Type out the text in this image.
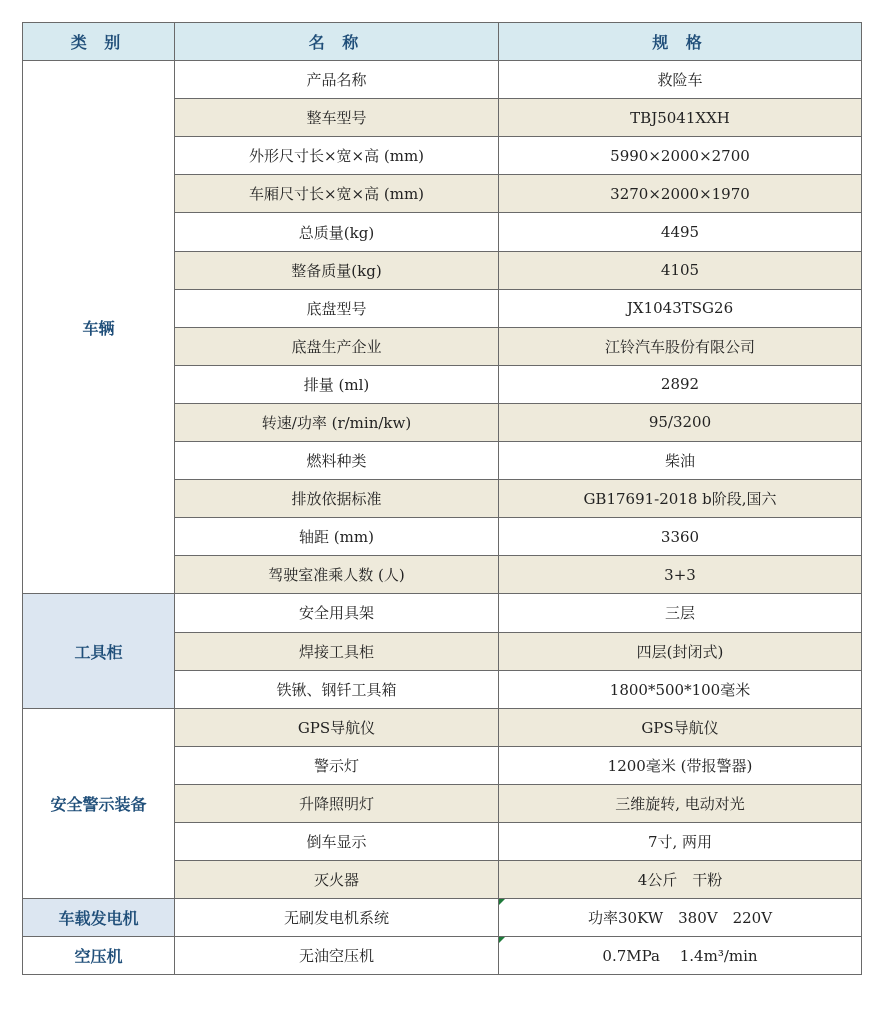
类 别	名 称	规 格
车辆	产品名称	救险车
	整车型号	TBJ5041XXH
	外形尺寸长×宽×高 (mm)	5990×2000×2700
	车厢尺寸长×宽×高 (mm)	3270×2000×1970
	总质量(kg)	4495
	整备质量(kg)	4105
	底盘型号	JX1043TSG26
	底盘生产企业	江铃汽车股份有限公司
	排量 (ml)	2892
	转速/功率 (r/min/kw)	95/3200
	燃料种类	柴油
	排放依据标准	GB17691-2018 b阶段,国六
	轴距 (mm)	3360
	驾驶室准乘人数 (人)	3+3
工具柜	安全用具架	三层
	焊接工具柜	四层(封闭式)
	铁锹、钢钎工具箱	1800*500*100毫米
安全警示装备	GPS导航仪	GPS导航仪
	警示灯	1200毫米 (带报警器)
	升降照明灯	三维旋转, 电动对光
	倒车显示	7寸, 两用
	灭火器	4公斤　干粉
车载发电机	无刷发电机系统	功率30KW　380V　220V
空压机	无油空压机	0.7MPa　 1.4m³/min
